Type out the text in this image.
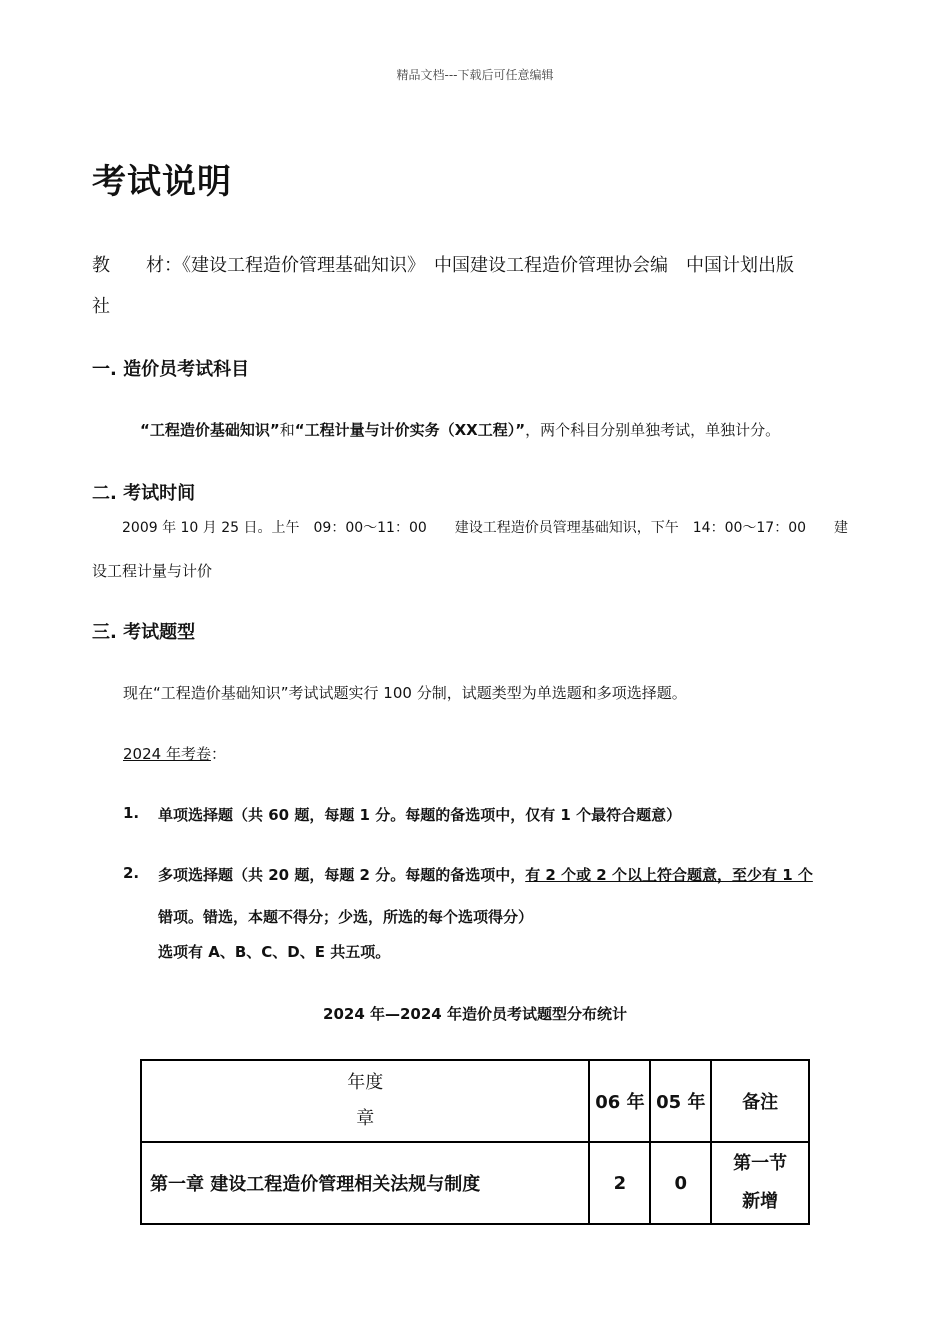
精品文档---下载后可任意编辑
考试说明
教　　材：《建设工程造价管理基础知识》　中国建设工程造价管理协会编　中国计划出版
社
一. 造价员考试科目
“工程造价基础知识”和“工程计量与计价实务（XX工程）”，两个科目分别单独考试，单独计分。
二. 考试时间
2009 年 10 月 25 日。上午　09：00～11：00　　建设工程造价员管理基础知识，下午　14：00～17：00　　建
设工程计量与计价
三. 考试题型
现在“工程造价基础知识”考试试题实行 100 分制，试题类型为单选题和多项选择题。
2024 年考卷：
1. 单项选择题（共 60 题，每题 1 分。每题的备选项中，仅有 1 个最符合题意）
2. 多项选择题（共 20 题，每题 2 分。每题的备选项中，有 2 个或 2 个以上符合题意，至少有 1 个
错项。错选，本题不得分；少选，所选的每个选项得分）
选项有 A、B、C、D、E 共五项。
2024 年—2024 年造价员考试题型分布统计
年度
章	06 年	05 年	备注
第一章 建设工程造价管理相关法规与制度	2	0	第一节
新增
